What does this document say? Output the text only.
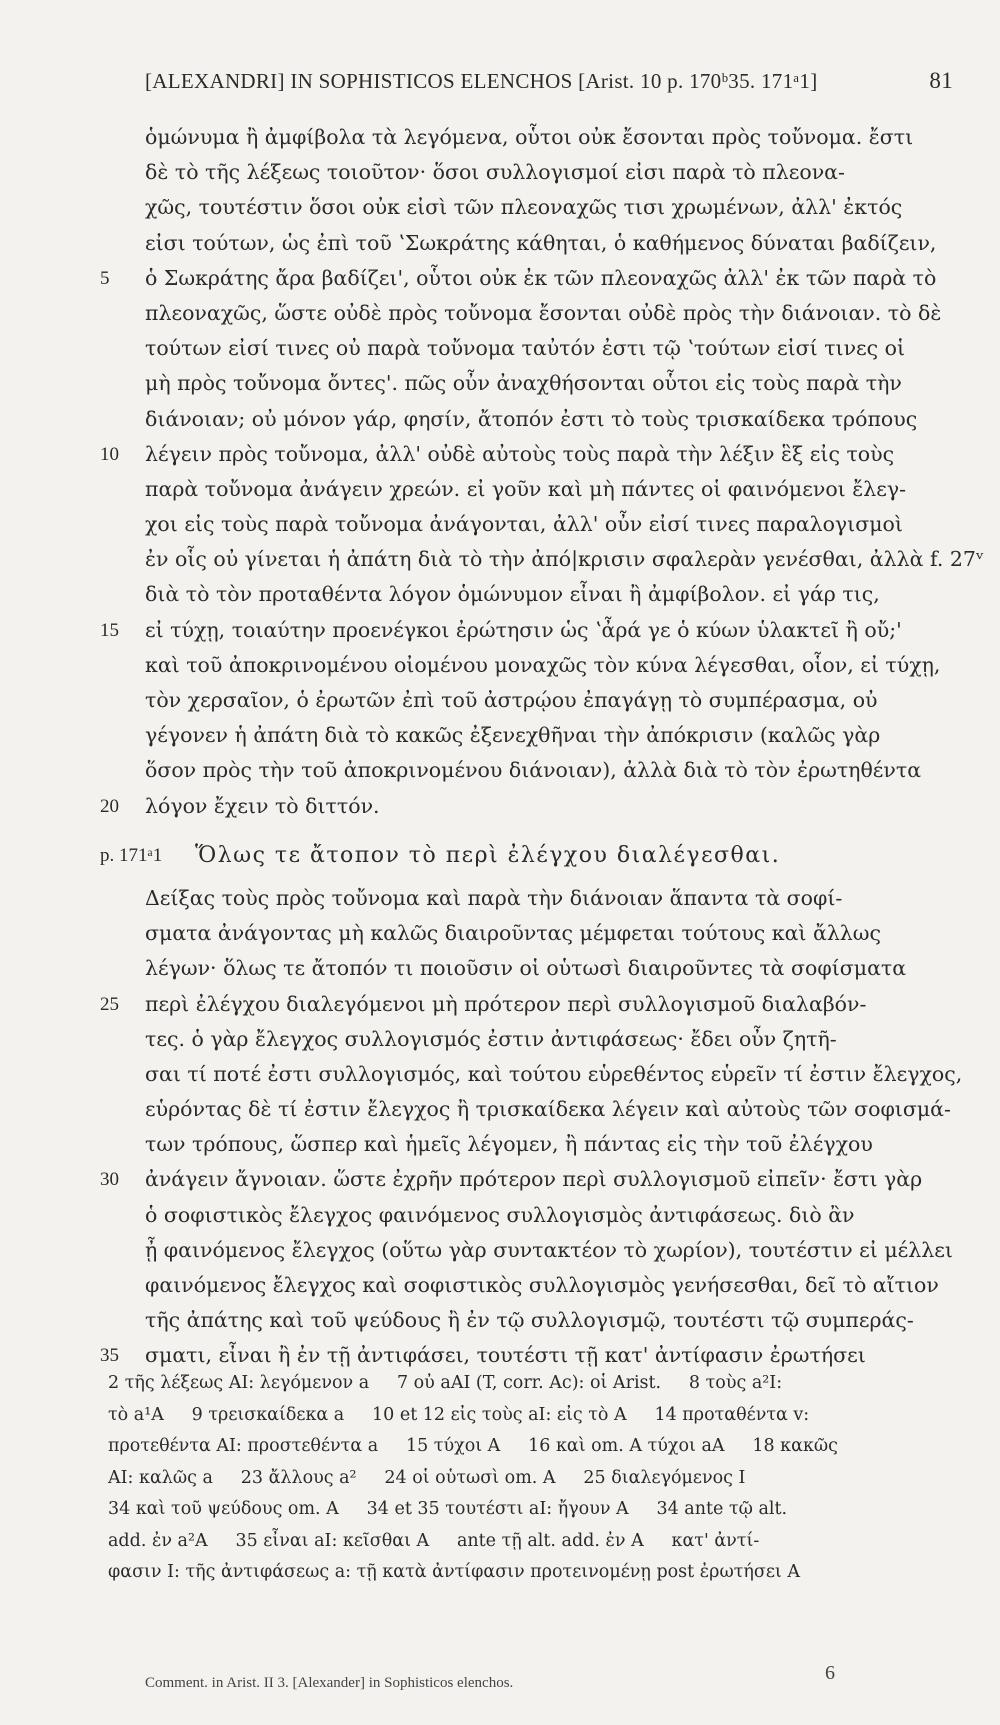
[ALEXANDRI] IN SOPHISTICOS ELENCHOS [Arist. 10 p. 170ᵇ35. 171ᵃ1]	81
ὁμώνυμα ἢ ἀμφίβολα τὰ λεγόμενα, οὗτοι οὐκ ἔσονται πρὸς τοὔνομα. ἔστι
δὲ τὸ τῆς λέξεως τοιοῦτον· ὅσοι συλλογισμοί εἰσι παρὰ τὸ πλεονα-
χῶς, τουτέστιν ὅσοι οὐκ εἰσὶ τῶν πλεοναχῶς τισι χρωμένων, ἀλλ' ἐκτός
εἰσι τούτων, ὡς ἐπὶ τοῦ ʽΣωκράτης κάθηται, ὁ καθήμενος δύναται βαδίζειν,
5	ὁ Σωκράτης ἄρα βαδίζει', οὗτοι οὐκ ἐκ τῶν πλεοναχῶς ἀλλ' ἐκ τῶν παρὰ τὸ
πλεοναχῶς, ὥστε οὐδὲ πρὸς τοὔνομα ἔσονται οὐδὲ πρὸς τὴν διάνοιαν. τὸ δὲ
τούτων εἰσί τινες οὐ παρὰ τοὔνομα ταὐτόν ἐστι τῷ ʽτούτων εἰσί τινες οἱ
μὴ πρὸς τοὔνομα ὄντες'. πῶς οὖν ἀναχθήσονται οὗτοι εἰς τοὺς παρὰ τὴν
διάνοιαν; οὐ μόνον γάρ, φησίν, ἄτοπόν ἐστι τὸ τοὺς τρισκαίδεκα τρόπους
10	λέγειν πρὸς τοὔνομα, ἀλλ' οὐδὲ αὐτοὺς τοὺς παρὰ τὴν λέξιν ἓξ εἰς τοὺς
παρὰ τοὔνομα ἀνάγειν χρεών. εἰ γοῦν καὶ μὴ πάντες οἱ φαινόμενοι ἔλεγ-
χοι εἰς τοὺς παρὰ τοὔνομα ἀνάγονται, ἀλλ' οὖν εἰσί τινες παραλογισμοὶ
ἐν οἷς οὐ γίνεται ἡ ἀπάτη διὰ τὸ τὴν ἀπό|κρισιν σφαλερὰν γενέσθαι, ἀλλὰ f. 27ᵛ
διὰ τὸ τὸν προταθέντα λόγον ὁμώνυμον εἶναι ἢ ἀμφίβολον. εἰ γάρ τις,
15	εἰ τύχῃ, τοιαύτην προενέγκοι ἐρώτησιν ὡς ʽἆρά γε ὁ κύων ὑλακτεῖ ἢ οὔ;'
καὶ τοῦ ἀποκρινομένου οἰομένου μοναχῶς τὸν κύνα λέγεσθαι, οἷον, εἰ τύχῃ,
τὸν χερσαῖον, ὁ ἐρωτῶν ἐπὶ τοῦ ἀστρῴου ἐπαγάγῃ τὸ συμπέρασμα, οὐ
γέγονεν ἡ ἀπάτη διὰ τὸ κακῶς ἐξενεχθῆναι τὴν ἀπόκρισιν (καλῶς γὰρ
ὅσον πρὸς τὴν τοῦ ἀποκρινομένου διάνοιαν), ἀλλὰ διὰ τὸ τὸν ἐρωτηθέντα
20	λόγον ἔχειν τὸ διττόν.
p. 171ᵃ1 Ὅλως τε ἄτοπον τὸ περὶ ἐλέγχου διαλέγεσθαι.
Δείξας τοὺς πρὸς τοὔνομα καὶ παρὰ τὴν διάνοιαν ἅπαντα τὰ σοφί-
σματα ἀνάγοντας μὴ καλῶς διαιροῦντας μέμφεται τούτους καὶ ἄλλως
λέγων· ὅλως τε ἄτοπόν τι ποιοῦσιν οἱ οὑτωσὶ διαιροῦντες τὰ σοφίσματα
25	περὶ ἐλέγχου διαλεγόμενοι μὴ πρότερον περὶ συλλογισμοῦ διαλαβόν-
τες. ὁ γὰρ ἔλεγχος συλλογισμός ἐστιν ἀντιφάσεως· ἔδει οὖν ζητῆ-
σαι τί ποτέ ἐστι συλλογισμός, καὶ τούτου εὑρεθέντος εὑρεῖν τί ἐστιν ἔλεγχος,
εὑρόντας δὲ τί ἐστιν ἔλεγχος ἢ τρισκαίδεκα λέγειν καὶ αὐτοὺς τῶν σοφισμά-
των τρόπους, ὥσπερ καὶ ἡμεῖς λέγομεν, ἢ πάντας εἰς τὴν τοῦ ἐλέγχου
30	ἀνάγειν ἄγνοιαν. ὥστε ἐχρῆν πρότερον περὶ συλλογισμοῦ εἰπεῖν· ἔστι γὰρ
ὁ σοφιστικὸς ἔλεγχος φαινόμενος συλλογισμὸς ἀντιφάσεως. διὸ ἂν
ᾖ φαινόμενος ἔλεγχος (οὕτω γὰρ συντακτέον τὸ χωρίον), τουτέστιν εἰ μέλλει
φαινόμενος ἔλεγχος καὶ σοφιστικὸς συλλογισμὸς γενήσεσθαι, δεῖ τὸ αἴτιον
τῆς ἀπάτης καὶ τοῦ ψεύδους ἢ ἐν τῷ συλλογισμῷ, τουτέστι τῷ συμπεράς-
35	σματι, εἶναι ἢ ἐν τῇ ἀντιφάσει, τουτέστι τῇ κατ' ἀντίφασιν ἐρωτήσει
2 τῆς λέξεως AI: λεγόμενον a     7 οὐ aAI (T, corr. Ac): οἱ Arist.     8 τοὺς a²I:
τὸ a¹A     9 τρεισκαίδεκα a     10 et 12 εἰς τοὺς aI: εἰς τὸ A     14 προταθέντα v:
προτεθέντα AI: προστεθέντα a     15 τύχοι A     16 καὶ om. A τύχοι aA     18 κακῶς
AI: καλῶς a     23 ἄλλους a²     24 οἱ οὑτωσὶ om. A     25 διαλεγόμενος I
34 καὶ τοῦ ψεύδους om. A     34 et 35 τουτέστι aI: ἤγουν A     34 ante τῷ alt.
add. ἐν a²A     35 εἶναι aI: κεῖσθαι A     ante τῇ alt. add. ἐν A     κατ' ἀντί-
φασιν I: τῆς ἀντιφάσεως a: τῇ κατὰ ἀντίφασιν προτεινομένῃ post ἐρωτήσει A
Comment. in Arist. II 3. [Alexander] in Sophisticos elenchos.	6
